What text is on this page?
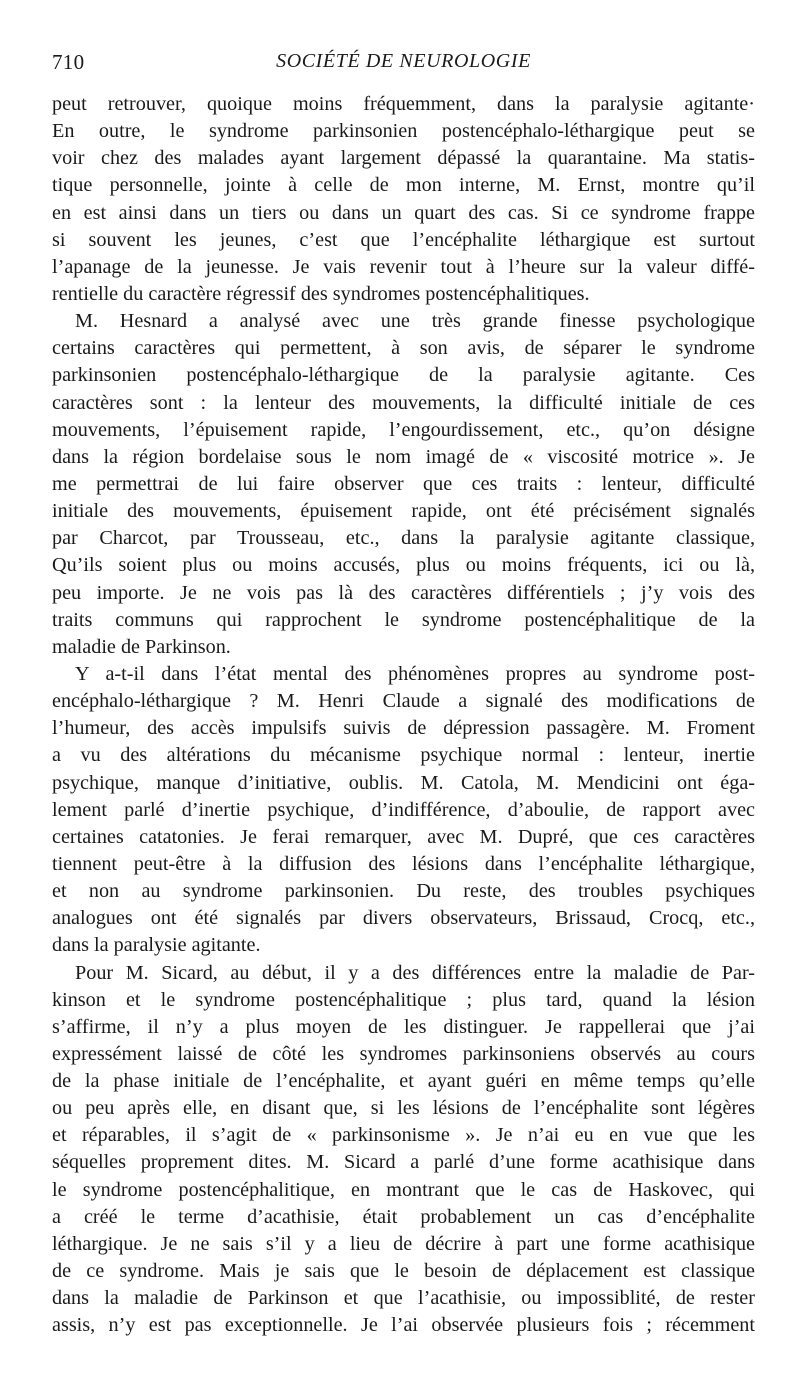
710	SOCIÉTÉ DE NEUROLOGIE
peut retrouver, quoique moins fréquemment, dans la paralysie agitante·
En outre, le syndrome parkinsonien postencéphalo-léthargique peut se
voir chez des malades ayant largement dépassé la quarantaine. Ma statis-
tique personnelle, jointe à celle de mon interne, M. Ernst, montre qu’il
en est ainsi dans un tiers ou dans un quart des cas. Si ce syndrome frappe
si souvent les jeunes, c’est que l’encéphalite léthargique est surtout
l’apanage de la jeunesse. Je vais revenir tout à l’heure sur la valeur diffé-
rentielle du caractère régressif des syndromes postencéphalitiques.
M. Hesnard a analysé avec une très grande finesse psychologique
certains caractères qui permettent, à son avis, de séparer le syndrome
parkinsonien postencéphalo-léthargique de la paralysie agitante. Ces
caractères sont : la lenteur des mouvements, la difficulté initiale de ces
mouvements, l’épuisement rapide, l’engourdissement, etc., qu’on désigne
dans la région bordelaise sous le nom imagé de « viscosité motrice ». Je
me permettrai de lui faire observer que ces traits : lenteur, difficulté
initiale des mouvements, épuisement rapide, ont été précisément signalés
par Charcot, par Trousseau, etc., dans la paralysie agitante classique,
Qu’ils soient plus ou moins accusés, plus ou moins fréquents, ici ou là,
peu importe. Je ne vois pas là des caractères différentiels ; j’y vois des
traits communs qui rapprochent le syndrome postencéphalitique de la
maladie de Parkinson.
Y a-t-il dans l’état mental des phénomènes propres au syndrome post-
encéphalo-léthargique ? M. Henri Claude a signalé des modifications de
l’humeur, des accès impulsifs suivis de dépression passagère. M. Froment
a vu des altérations du mécanisme psychique normal : lenteur, inertie
psychique, manque d’initiative, oublis. M. Catola, M. Mendicini ont éga-
lement parlé d’inertie psychique, d’indifférence, d’aboulie, de rapport avec
certaines catatonies. Je ferai remarquer, avec M. Dupré, que ces caractères
tiennent peut-être à la diffusion des lésions dans l’encéphalite léthargique,
et non au syndrome parkinsonien. Du reste, des troubles psychiques
analogues ont été signalés par divers observateurs, Brissaud, Crocq, etc.,
dans la paralysie agitante.
Pour M. Sicard, au début, il y a des différences entre la maladie de Par-
kinson et le syndrome postencéphalitique ; plus tard, quand la lésion
s’affirme, il n’y a plus moyen de les distinguer. Je rappellerai que j’ai
expressément laissé de côté les syndromes parkinsoniens observés au cours
de la phase initiale de l’encéphalite, et ayant guéri en même temps qu’elle
ou peu après elle, en disant que, si les lésions de l’encéphalite sont légères
et réparables, il s’agit de « parkinsonisme ». Je n’ai eu en vue que les
séquelles proprement dites. M. Sicard a parlé d’une forme acathisique dans
le syndrome postencéphalitique, en montrant que le cas de Haskovec, qui
a créé le terme d’acathisie, était probablement un cas d’encéphalite
léthargique. Je ne sais s’il y a lieu de décrire à part une forme acathisique
de ce syndrome. Mais je sais que le besoin de déplacement est classique
dans la maladie de Parkinson et que l’acathisie, ou impossiblité, de rester
assis, n’y est pas exceptionnelle. Je l’ai observée plusieurs fois ; récemment
